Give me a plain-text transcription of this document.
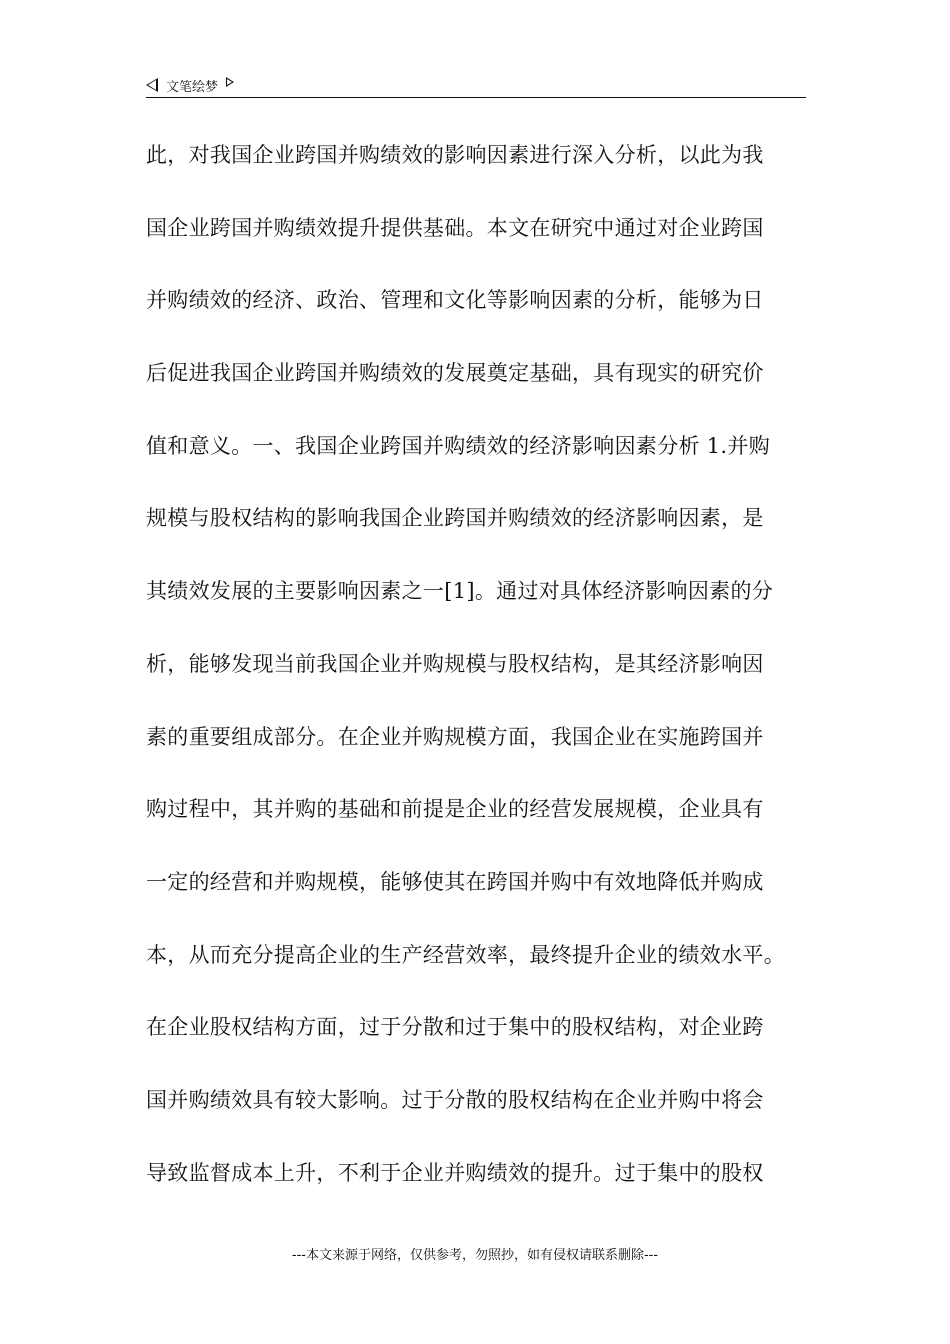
文笔绘梦
此，对我国企业跨国并购绩效的影响因素进行深入分析，以此为我
国企业跨国并购绩效提升提供基础。本文在研究中通过对企业跨国
并购绩效的经济、政治、管理和文化等影响因素的分析，能够为日
后促进我国企业跨国并购绩效的发展奠定基础，具有现实的研究价
值和意义。一、我国企业跨国并购绩效的经济影响因素分析 1.并购
规模与股权结构的影响我国企业跨国并购绩效的经济影响因素，是
其绩效发展的主要影响因素之一[1]。通过对具体经济影响因素的分
析，能够发现当前我国企业并购规模与股权结构，是其经济影响因
素的重要组成部分。在企业并购规模方面，我国企业在实施跨国并
购过程中，其并购的基础和前提是企业的经营发展规模，企业具有
一定的经营和并购规模，能够使其在跨国并购中有效地降低并购成
本，从而充分提高企业的生产经营效率，最终提升企业的绩效水平。
在企业股权结构方面，过于分散和过于集中的股权结构，对企业跨
国并购绩效具有较大影响。过于分散的股权结构在企业并购中将会
导致监督成本上升，不利于企业并购绩效的提升。过于集中的股权
---本文来源于网络，仅供参考，勿照抄，如有侵权请联系删除---
